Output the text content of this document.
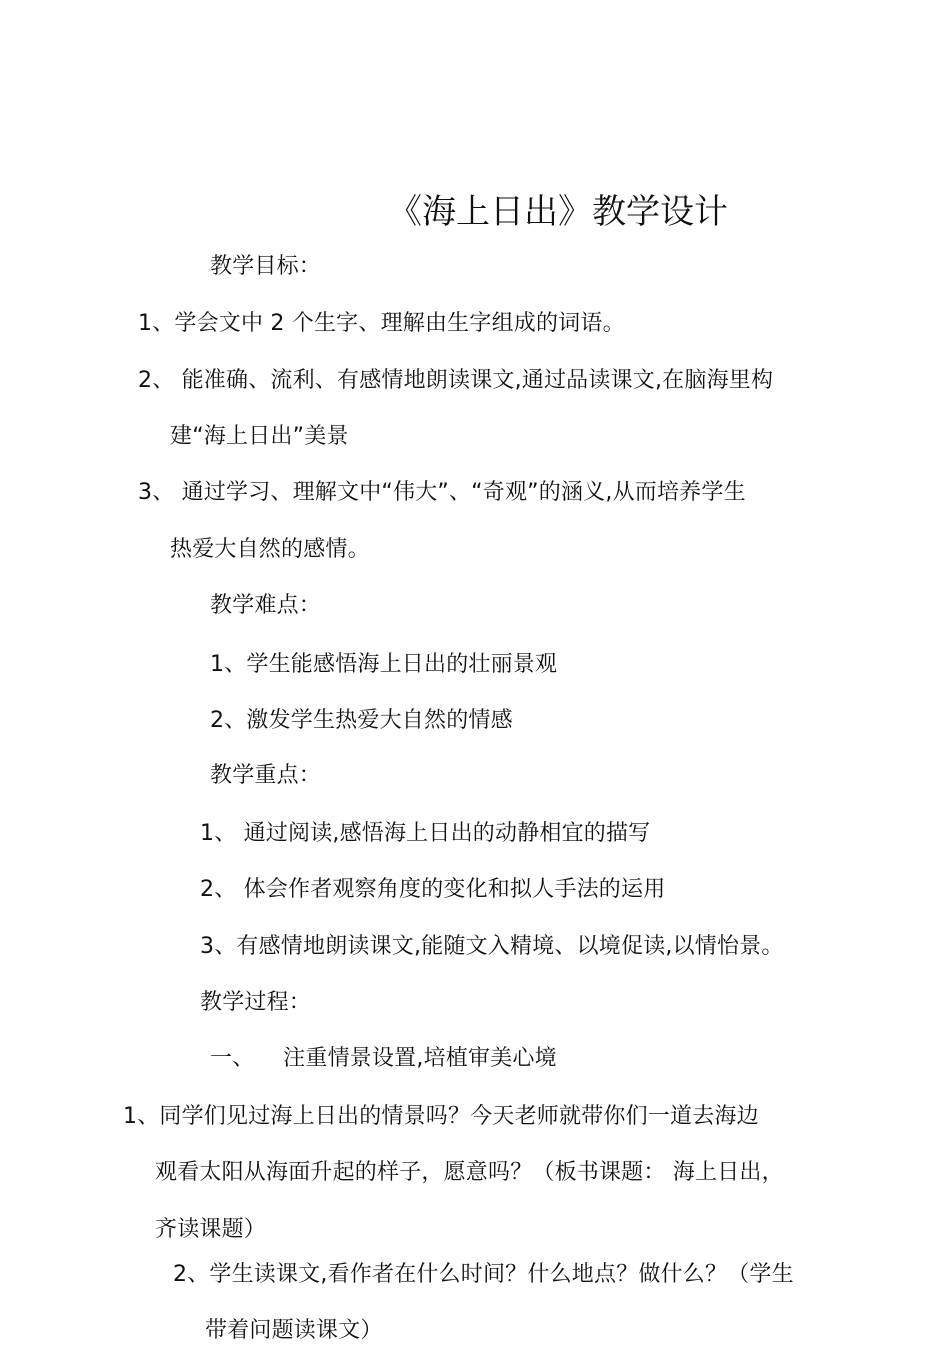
《海上日出》教学设计
教学目标：
1、学会文中 2 个生字、理解由生字组成的词语。
2、 能准确、流利、有感情地朗读课文,通过品读课文,在脑海里构
建“海上日出”美景
3、 通过学习、理解文中“伟大”、“奇观”的涵义,从而培养学生
热爱大自然的感情。
教学难点：
1、学生能感悟海上日出的壮丽景观
2、激发学生热爱大自然的情感
教学重点：
1、 通过阅读,感悟海上日出的动静相宜的描写
2、 体会作者观察角度的变化和拟人手法的运用
3、有感情地朗读课文,能随文入精境、以境促读,以情怡景。
教学过程：
一、    注重情景设置,培植审美心境
1、同学们见过海上日出的情景吗？今天老师就带你们一道去海边
观看太阳从海面升起的样子，愿意吗？（板书课题： 海上日出，
齐读课题）
2、学生读课文,看作者在什么时间？什么地点？做什么？（学生
带着问题读课文）
